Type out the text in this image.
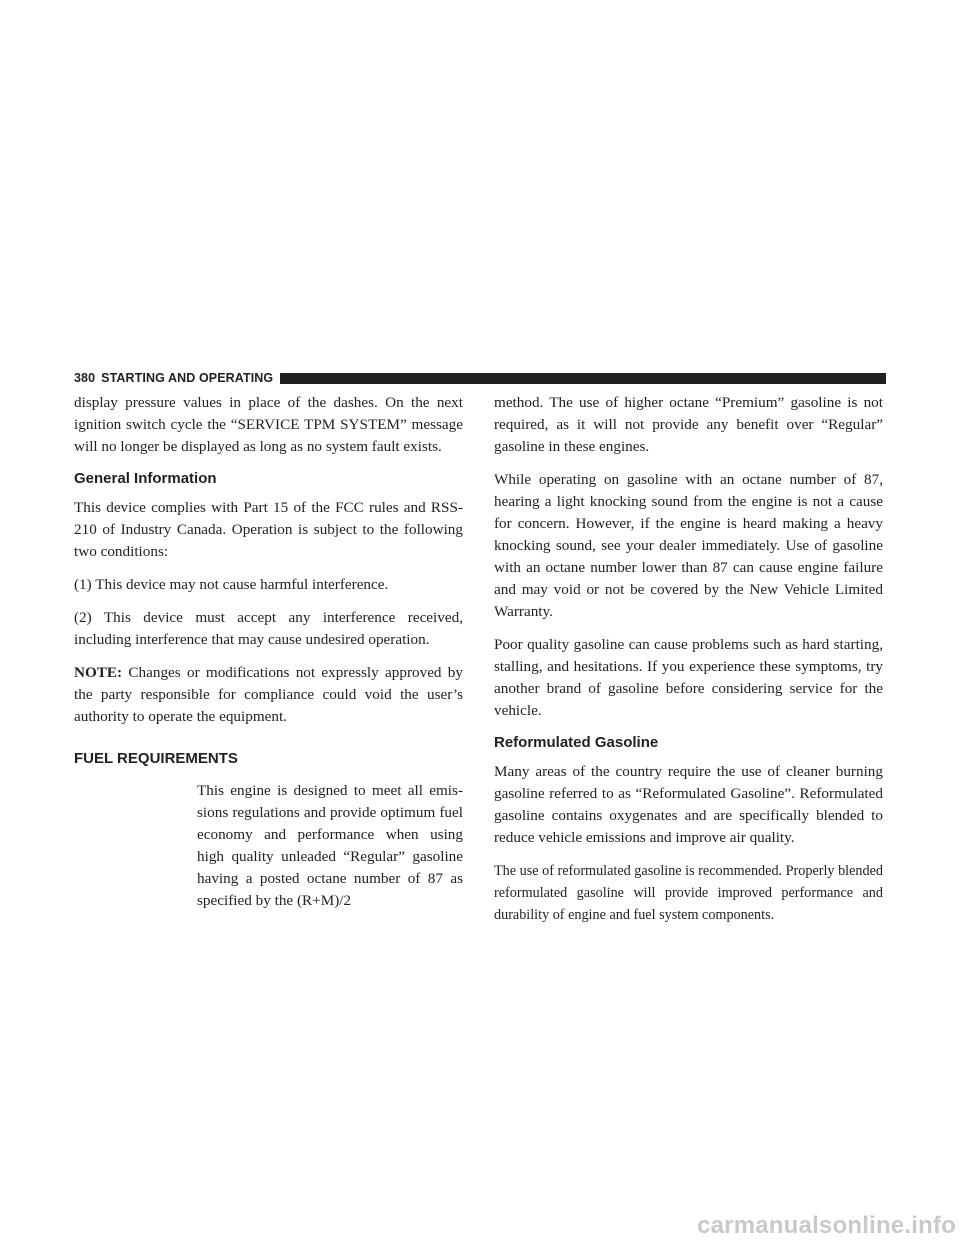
380 STARTING AND OPERATING

display pressure values in place of the dashes. On the next ignition switch cycle the “SERVICE TPM SYSTEM” message will no longer be displayed as long as no system fault exists.

General Information

This device complies with Part 15 of the FCC rules and RSS-210 of Industry Canada. Operation is subject to the following two conditions:

(1) This device may not cause harmful interference.

(2) This device must accept any interference received, including interference that may cause undesired operation.

NOTE: Changes or modifications not expressly approved by the party responsible for compliance could void the user’s authority to operate the equipment.

FUEL REQUIREMENTS

This engine is designed to meet all emissions regulations and provide optimum fuel economy and performance when using high quality unleaded “Regular” gasoline having a posted octane number of 87 as specified by the (R+M)/2

method. The use of higher octane “Premium” gasoline is not required, as it will not provide any benefit over “Regular” gasoline in these engines.

While operating on gasoline with an octane number of 87, hearing a light knocking sound from the engine is not a cause for concern. However, if the engine is heard making a heavy knocking sound, see your dealer immediately. Use of gasoline with an octane number lower than 87 can cause engine failure and may void or not be covered by the New Vehicle Limited Warranty.

Poor quality gasoline can cause problems such as hard starting, stalling, and hesitations. If you experience these symptoms, try another brand of gasoline before considering service for the vehicle.

Reformulated Gasoline

Many areas of the country require the use of cleaner burning gasoline referred to as “Reformulated Gasoline”. Reformulated gasoline contains oxygenates and are specifically blended to reduce vehicle emissions and improve air quality.

The use of reformulated gasoline is recommended. Properly blended reformulated gasoline will provide improved performance and durability of engine and fuel system components.

carmanualsonline.info
